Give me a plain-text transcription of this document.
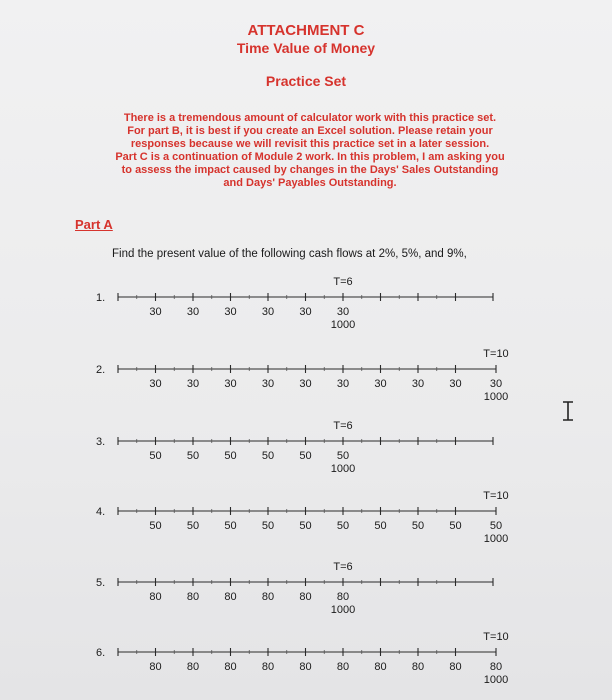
ATTACHMENT C
Time Value of Money
Practice Set
There is a tremendous amount of calculator work with this practice set.
For part B, it is best if you create an Excel solution. Please retain your
responses because we will revisit this practice set in a later session.
Part C is a continuation of Module 2 work. In this problem, I am asking you
to assess the impact caused by changes in the Days' Sales Outstanding
and Days' Payables Outstanding.
Part A
Find the present value of the following cash flows at 2%, 5%, and 9%,
1.
30 30 30 30 30 30
1000
T=6
2.
30 30 30 30 30 30 30 30 30	30
1000
T=10
3.
50 50 50 50 50 50
1000
T=6
4.
50 50 50 50 50 50 50 50 50	50
1000
T=10
5.
80 80 80 80 80 80
1000
T=6
6.
80 80 80 80 80 80 80 80 80	80
1000
T=10
